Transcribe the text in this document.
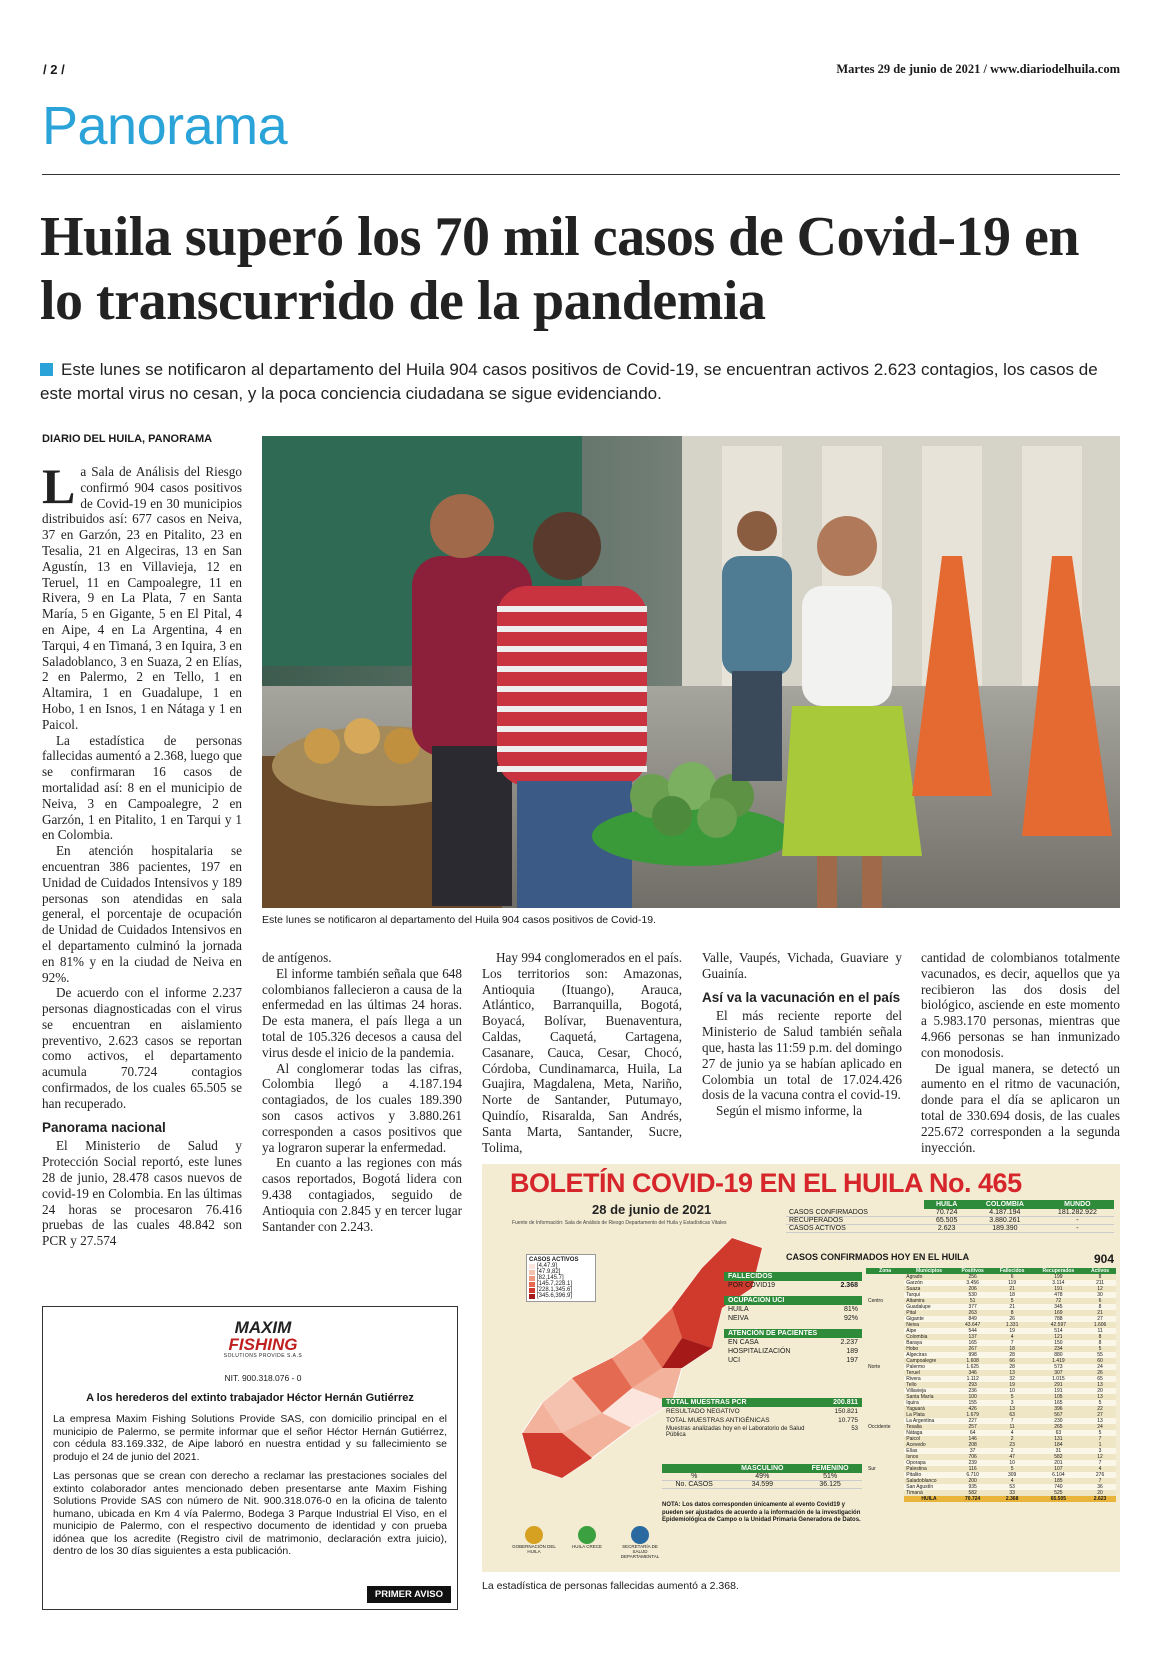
/ 2 /	Martes 29 de junio de 2021 / www.diariodelhuila.com
Panorama
Huila superó los 70 mil casos de Covid-19 en lo transcurrido de la pandemia
Este lunes se notificaron al departamento del Huila 904 casos positivos de Covid-19, se encuentran activos 2.623 contagios, los casos de este mortal virus no cesan, y la poca conciencia ciudadana se sigue evidenciando.
DIARIO DEL HUILA, PANORAMA

La Sala de Análisis del Riesgo confirmó 904 casos positivos de Covid-19 en 30 municipios distribuidos así: 677 casos en Neiva, 37 en Garzón, 23 en Pitalito, 23 en Tesalia, 21 en Algeciras, 13 en San Agustín, 13 en Villavieja, 12 en Teruel, 11 en Campoalegre, 11 en Rivera, 9 en La Plata, 7 en Santa María, 5 en Gigante, 5 en El Pital, 4 en Aipe, 4 en La Argentina, 4 en Tarqui, 4 en Timaná, 3 en Iquira, 3 en Saladoblanco, 3 en Suaza, 2 en Elías, 2 en Palermo, 2 en Tello, 1 en Altamira, 1 en Guadalupe, 1 en Hobo, 1 en Isnos, 1 en Nátaga y 1 en Paicol.

La estadística de personas fallecidas aumentó a 2.368, luego que se confirmaran 16 casos de mortalidad así: 8 en el municipio de Neiva, 3 en Campoalegre, 2 en Garzón, 1 en Pitalito, 1 en Tarqui y 1 en Colombia.

En atención hospitalaria se encuentran 386 pacientes, 197 en Unidad de Cuidados Intensivos y 189 personas son atendidas en sala general, el porcentaje de ocupación de Unidad de Cuidados Intensivos en el departamento culminó la jornada en 81% y en la ciudad de Neiva en 92%.

De acuerdo con el informe 2.237 personas diagnosticadas con el virus se encuentran en aislamiento preventivo, 2.623 casos se reportan como activos, el departamento acumula 70.724 contagios confirmados, de los cuales 65.505 se han recuperado.

Panorama nacional

El Ministerio de Salud y Protección Social reportó, este lunes 28 de junio, 28.478 casos nuevos de covid-19 en Colombia. En las últimas 24 horas se procesaron 76.416 pruebas de las cuales 48.842 son PCR y 27.574

Este lunes se notificaron al departamento del Huila 904 casos positivos de Covid-19.

de antígenos.

El informe también señala que 648 colombianos fallecieron a causa de la enfermedad en las últimas 24 horas. De esta manera, el país llega a un total de 105.326 decesos a causa del virus desde el inicio de la pandemia.

Al conglomerar todas las cifras, Colombia llegó a 4.187.194 contagiados, de los cuales 189.390 son casos activos y 3.880.261 corresponden a casos positivos que ya lograron superar la enfermedad.

En cuanto a las regiones con más casos reportados, Bogotá lidera con 9.438 contagiados, seguido de Antioquia con 2.845 y en tercer lugar Santander con 2.243.

Hay 994 conglomerados en el país. Los territorios son: Amazonas, Antioquia (Ituango), Arauca, Atlántico, Barranquilla, Bogotá, Boyacá, Bolívar, Buenaventura, Caldas, Caquetá, Cartagena, Casanare, Cauca, Cesar, Chocó, Córdoba, Cundinamarca, Huila, La Guajira, Magdalena, Meta, Nariño, Norte de Santander, Putumayo, Quindío, Risaralda, San Andrés, Santa Marta, Santander, Sucre, Tolima,

Valle, Vaupés, Vichada, Guaviare y Guainía.

Así va la vacunación en el país

El más reciente reporte del Ministerio de Salud también señala que, hasta las 11:59 p.m. del domingo 27 de junio ya se habían aplicado en Colombia un total de 17.024.426 dosis de la vacuna contra el covid-19.

Según el mismo informe, la

cantidad de colombianos totalmente vacunados, es decir, aquellos que ya recibieron las dos dosis del biológico, asciende en este momento a 5.983.170 personas, mientras que 4.966 personas se han inmunizado con monodosis.

De igual manera, se detectó un aumento en el ritmo de vacunación, donde para el día se aplicaron un total de 330.694 dosis, de las cuales 225.672 corresponden a la segunda inyección.

MAXIM
FISHING
SOLUTIONS PROVIDE S.A.S
NIT. 900.318.076 - 0
A los herederos del extinto trabajador Héctor Hernán Gutiérrez
La empresa Maxim Fishing Solutions Provide SAS, con domicilio principal en el municipio de Palermo, se permite informar que el señor Héctor Hernán Gutiérrez, con cédula 83.169.332, de Aipe laboró en nuestra entidad y su fallecimiento se produjo el 24 de junio del 2021.
Las personas que se crean con derecho a reclamar las prestaciones sociales del extinto colaborador antes mencionado deben presentarse ante Maxim Fishing Solutions Provide SAS con número de Nit. 900.318.076-0 en la oficina de talento humano, ubicada en Km 4 vía Palermo, Bodega 3 Parque Industrial El Viso, en el municipio de Palermo, con el respectivo documento de identidad y con prueba idónea que los acredite (Registro civil de matrimonio, declaración extra juicio), dentro de los 30 días siguientes a esta publicación.
PRIMER AVISO
BOLETÍN COVID-19 EN EL HUILA No. 465
28 de junio de 2021
Fuente de Información: Sala de Análisis de Riesgo Departamento del Huila y Estadísticas Vitales
CASOS ACTIVOS
[4,47.9]
[47.9,82]
[82,145.7]
[145.7,228.1]
[228.1,345.6]
[345.6,396.9]
	HUILA	COLOMBIA	MUNDO
CASOS CONFIRMADOS	70.724	4.187.194	181.282.922
RECUPERADOS	65.505	3.880.261	-
CASOS ACTIVOS	2.623	189.390	-
CASOS CONFIRMADOS HOY EN EL HUILA	904
FALLECIDOS
POR COVID19	2.368
OCUPACIÓN UCI
HUILA	81%
NEIVA	92%
ATENCIÓN DE PACIENTES
EN CASA	2.237
HOSPITALIZACIÓN	189
UCI	197
TOTAL MUESTRAS PCR	200.811
RESULTADO NEGATIVO	150.821
TOTAL MUESTRAS ANTIGÉNICAS	10.775
Muestras analizadas hoy en el Laboratorio de Salud Pública
53
	MASCULINO	FEMENINO
%	49%	51%
No. CASOS	34.599	36.125
NOTA: Los datos corresponden únicamente al evento Covid19 y pueden ser ajustados de acuerdo a la información de la investigación Epidemiológica de Campo o la Unidad Primaria Generadora de Datos.
GOBERNACIÓN DEL HUILA
HUILA CRECE	SECRETARÍA DE SALUD DEPARTAMENTAL
Zona	Municipios	Positivos	Fallecidos	Recuperados	Activos
	Agrado	256	6	199	8
	Garzón	3.456	119	3.114	211
	Suaza	206	21	191	12
	Tarqui	530	18	478	30
Centro	Altamira	51	5	72	6
	Guadalupe	377	21	345	8
	Pital	263	8	169	21
	Gigante	849	26	788	27
	Neiva	43.647	1.331	42.597	1.606
	Aipe	544	19	514	11
	Colombia	137	4	121	8
	Baraya	165	7	150	8
	Hobo	267	18	234	5
	Algeciras	998	28	880	55
	Campoalegre	1.608	66	1.419	60
Norte	Palermo	1.625	28	573	24
	Teruel	346	13	307	26
	Rivera	1.112	32	1.015	65
	Tello	293	19	291	13
	Villavieja	236	10	191	20
	Santa María	100	5	105	13
	Iquira	155	3	165	5
	Yaguará	426	13	396	22
	La Plata	1.679	63	567	27
	La Argentina	227	7	230	13
Occidente	Tesalia	257	11	265	24
	Nátaga	64	4	63	5
	Paicol	146	2	131	7
	Acevedo	208	23	184	1
	Elías	37	2	31	3
	Isnos	706	47	582	12
	Oporapa	239	10	201	7
Sur	Palestina	116	5	107	4
	Pitalito	6.710	309	6.104	276
	Saladoblanco	200	4	185	7
	San Agustín	935	53	740	36
	Timaná	582	33	525	20
	HUILA	70.724	2.368	65.505	2.623
La estadística de personas fallecidas aumentó a 2.368.
